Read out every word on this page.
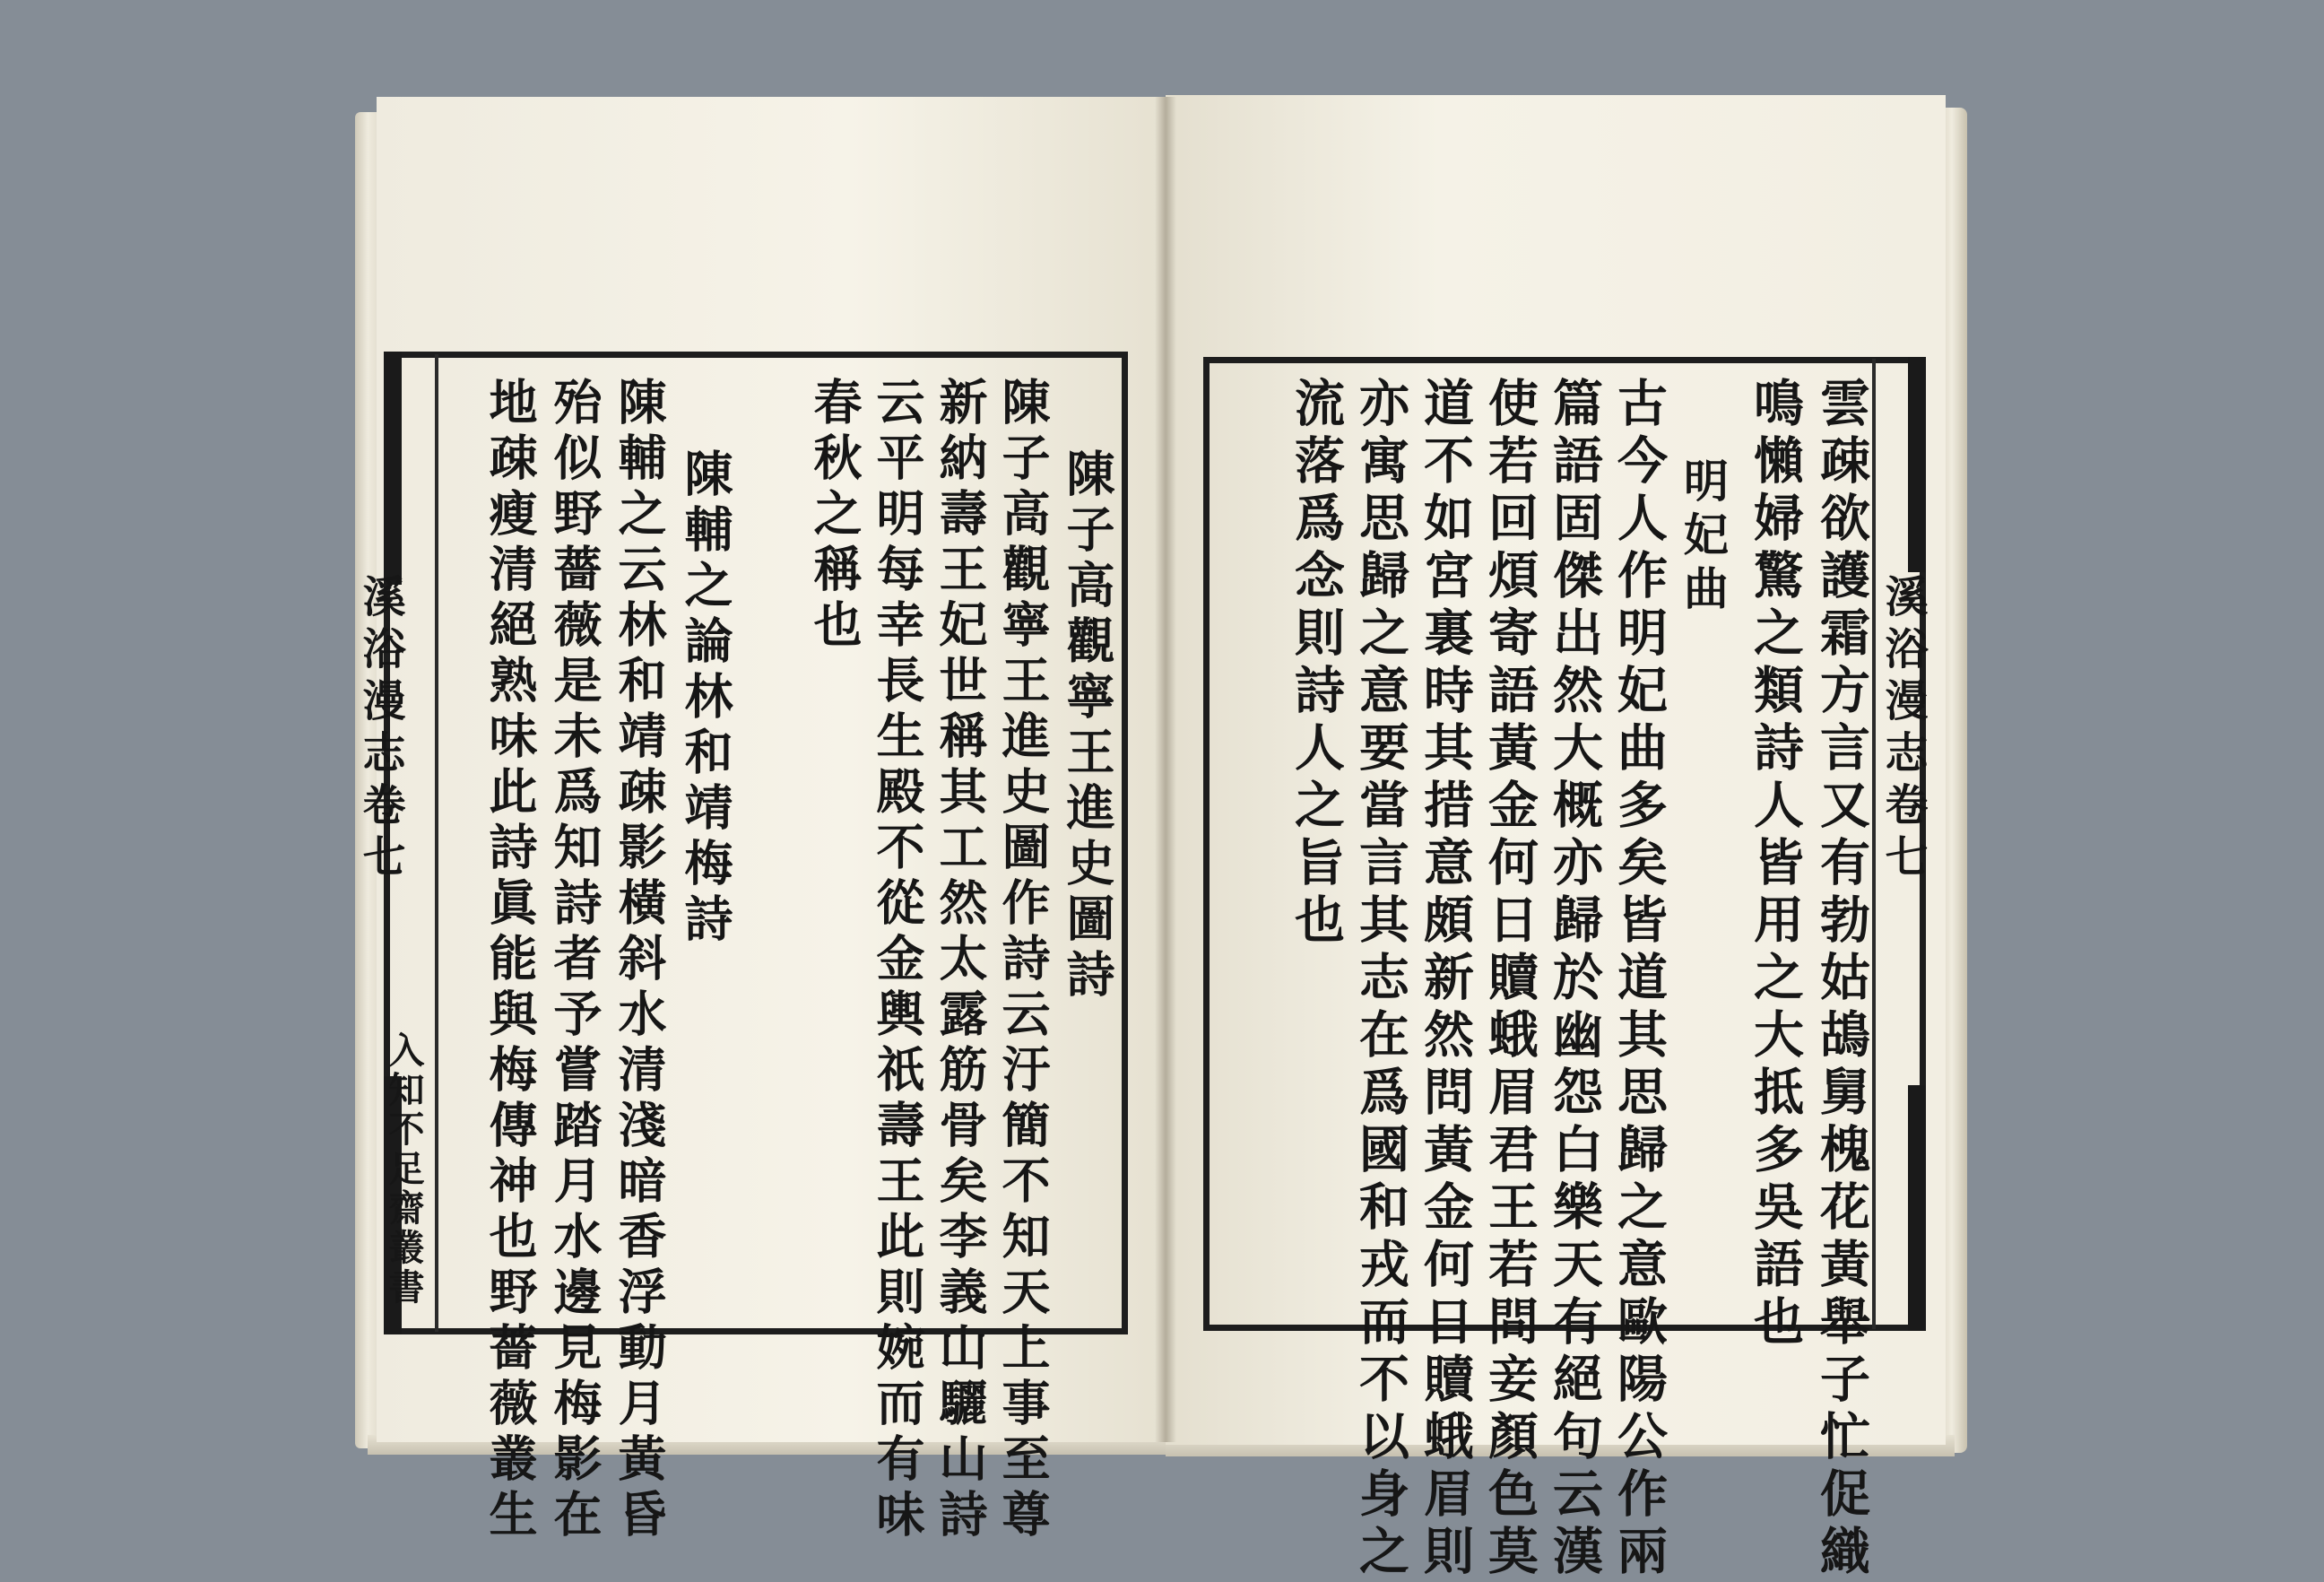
溪浴漫志卷七
入知不足齋叢書
陳子高觀寧王進史圖詩
陳子高觀寧王進史圖作詩云汙簡不知天上事至尊
新納壽王妃世稱其工然太露筋骨矣李義山驪山詩
云平明每幸長生殿不從金輿祇壽王此則婉而有味
春秋之稱也
陳輔之論林和靖梅詩
陳輔之云林和靖疎影橫斜水清淺暗香浮動月黃昏
殆似野薔薇是未爲知詩者予嘗踏月水邊見梅影在
地疎瘦清絕熟味此詩眞能與梅傳神也野薔薇叢生	溪浴漫志卷七
雲疎欲護霜方言又有勃姑鴣舅槐花黃舉子忙促織
鳴懶婦驚之類詩人皆用之大抵多吳語也
明妃曲
古今人作明妃曲多矣皆道其思歸之意歐陽公作兩
篇語固傑出然大概亦歸於幽怨白樂天有絕句云漢
使若回煩寄語黃金何日贖蛾眉君王若問妾顏色莫
道不如宮裏時其措意頗新然問黃金何日贖蛾眉則
亦寓思歸之意要當言其志在爲國和戎而不以身之
流落爲念則詩人之旨也
